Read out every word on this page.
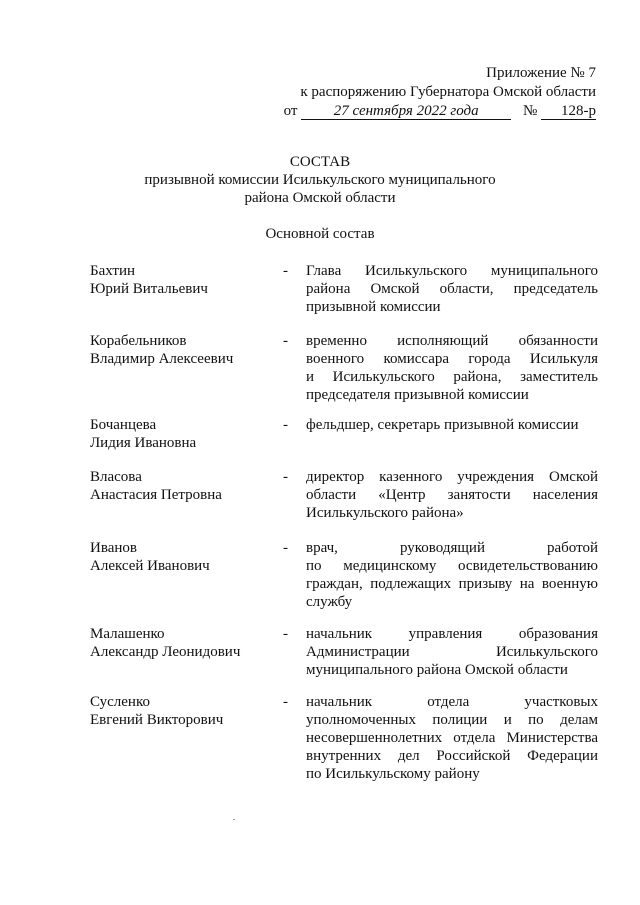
Приложение № 7
к распоряжению Губернатора Омской области
от 27 сентября 2022 года	№ 128-р
СОСТАВ
призывной комиссии Исилькульского муниципального
района Омской области
Основной состав
Бахтин
Юрий Витальевич
- Глава Исилькульского муниципального
района Омской области, председатель
призывной комиссии
Корабельников
Владимир Алексеевич
- временно исполняющий обязанности
военного комиссара города Исилькуля
и Исилькульского района, заместитель
председателя призывной комиссии
Бочанцева
Лидия Ивановна
- фельдшер, секретарь призывной комиссии
Власова
Анастасия Петровна
- директор казенного учреждения Омской
области «Центр занятости населения
Исилькульского района»
Иванов
Алексей Иванович
- врач, руководящий работой
по медицинскому освидетельствованию
граждан, подлежащих призыву на военную
службу
Малашенко
Александр Леонидович
- начальник управления образования
Администрации Исилькульского
муниципального района Омской области
Сусленко
Евгений Викторович
- начальник отдела участковых
уполномоченных полиции и по делам
несовершеннолетних отдела Министерства
внутренних дел Российской Федерации
по Исилькульскому району
